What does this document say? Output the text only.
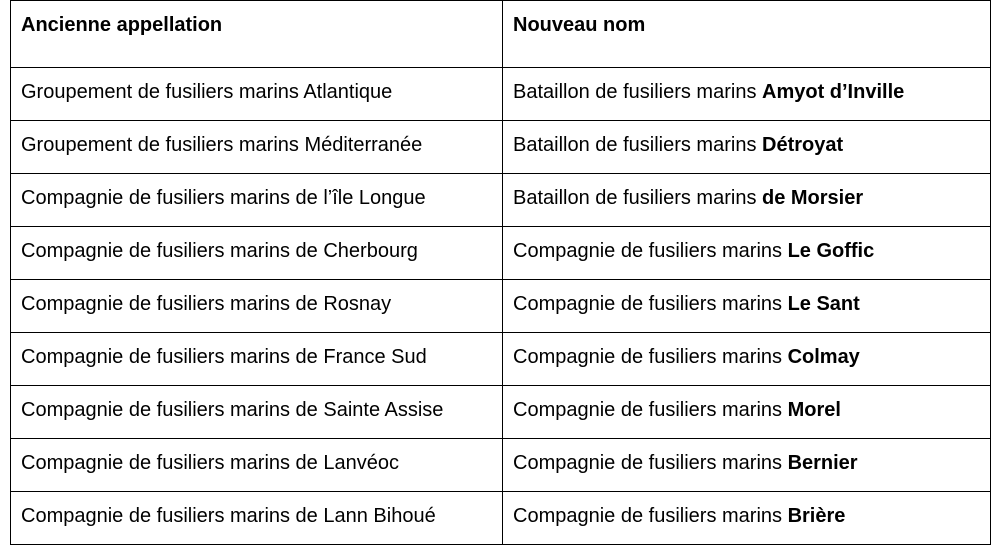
Ancienne appellation	Nouveau nom
Groupement de fusiliers marins Atlantique	Bataillon de fusiliers marins Amyot d’Inville
Groupement de fusiliers marins Méditerranée	Bataillon de fusiliers marins Détroyat
Compagnie de fusiliers marins de l’île Longue	Bataillon de fusiliers marins de Morsier
Compagnie de fusiliers marins de Cherbourg	Compagnie de fusiliers marins Le Goffic
Compagnie de fusiliers marins de Rosnay	Compagnie de fusiliers marins Le Sant
Compagnie de fusiliers marins de France Sud	Compagnie de fusiliers marins Colmay
Compagnie de fusiliers marins de Sainte Assise	Compagnie de fusiliers marins Morel
Compagnie de fusiliers marins de Lanvéoc	Compagnie de fusiliers marins Bernier
Compagnie de fusiliers marins de Lann Bihoué	Compagnie de fusiliers marins Brière
